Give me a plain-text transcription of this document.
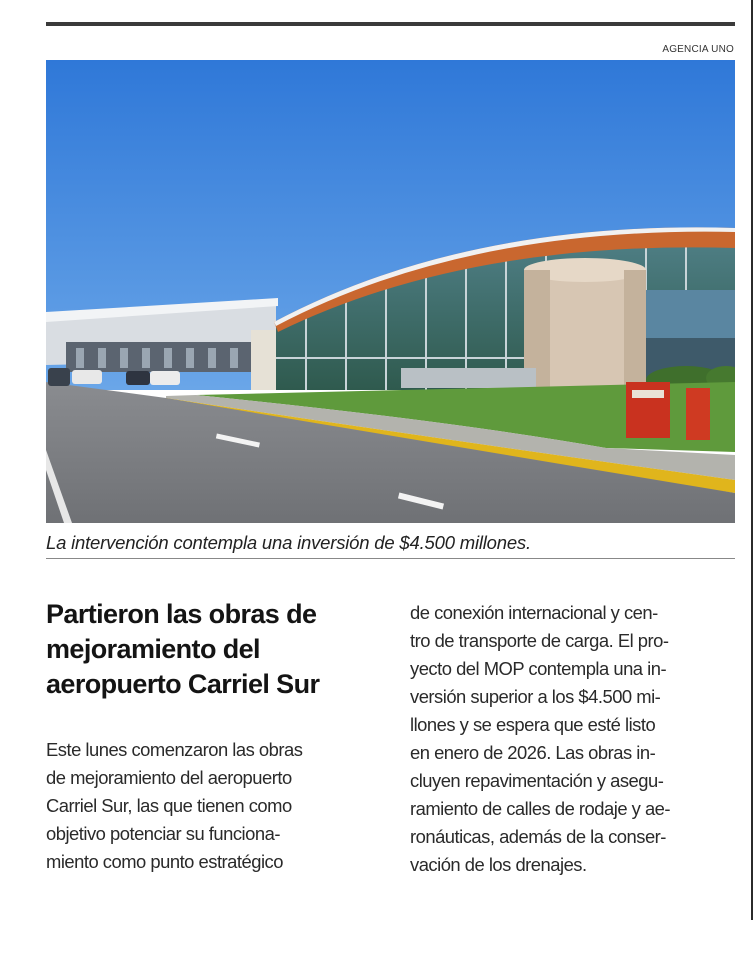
AGENCIA UNO
La intervención contempla una inversión de $4.500 millones.
Partieron las obras de
mejoramiento del
aeropuerto Carriel Sur
Este lunes comenzaron las obras
de mejoramiento del aeropuerto
Carriel Sur, las que tienen como
objetivo potenciar su funciona-
miento como punto estratégico
de conexión internacional y cen-
tro de transporte de carga. El pro-
yecto del MOP contempla una in-
versión superior a los $4.500 mi-
llones y se espera que esté listo
en enero de 2026. Las obras in-
cluyen repavimentación y asegu-
ramiento de calles de rodaje y ae-
ronáuticas, además de la conser-
vación de los drenajes.
